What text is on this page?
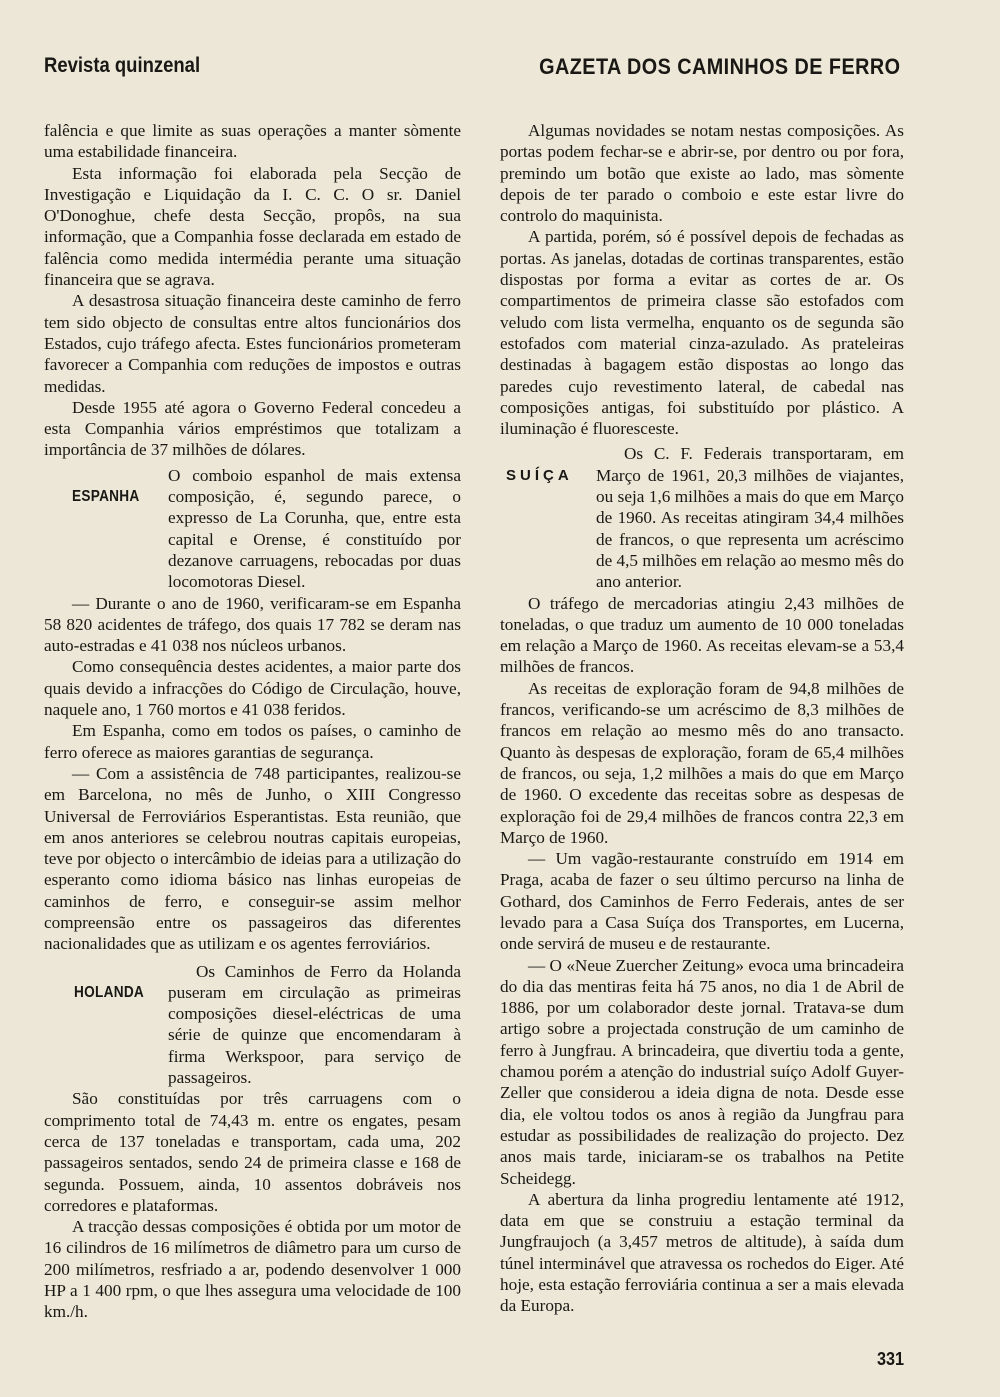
Revista quinzenal	GAZETA DOS CAMINHOS DE FERRO

falência e que limite as suas operações a manter sòmente uma estabilidade financeira.

Esta informação foi elaborada pela Secção de Investigação e Liquidação da I. C. C. O sr. Daniel O'Donoghue, chefe desta Secção, propôs, na sua informação, que a Companhia fosse declarada em estado de falência como medida intermédia perante uma situação financeira que se agrava.

A desastrosa situação financeira deste caminho de ferro tem sido objecto de consultas entre altos funcionários dos Estados, cujo tráfego afecta. Estes funcionários prometeram favorecer a Companhia com reduções de impostos e outras medidas.

Desde 1955 até agora o Governo Federal concedeu a esta Companhia vários empréstimos que totalizam a importância de 37 milhões de dólares.

ESPANHA

O comboio espanhol de mais extensa composição, é, segundo parece, o expresso de La Corunha, que, entre esta capital e Orense, é constituído por dezanove carruagens, rebocadas por duas locomotoras Diesel.

— Durante o ano de 1960, verificaram-se em Espanha 58 820 acidentes de tráfego, dos quais 17 782 se deram nas auto-estradas e 41 038 nos núcleos urbanos.

Como consequência destes acidentes, a maior parte dos quais devido a infracções do Código de Circulação, houve, naquele ano, 1 760 mortos e 41 038 feridos.

Em Espanha, como em todos os países, o caminho de ferro oferece as maiores garantias de segurança.

— Com a assistência de 748 participantes, realizou-se em Barcelona, no mês de Junho, o XIII Congresso Universal de Ferroviários Esperantistas. Esta reunião, que em anos anteriores se celebrou noutras capitais europeias, teve por objecto o intercâmbio de ideias para a utilização do esperanto como idioma básico nas linhas europeias de caminhos de ferro, e conseguir-se assim melhor compreensão entre os passageiros das diferentes nacionalidades que as utilizam e os agentes ferroviários.

HOLANDA

Os Caminhos de Ferro da Holanda puseram em circulação as primeiras composições diesel-eléctricas de uma série de quinze que encomendaram à firma Werkspoor, para serviço de passageiros.

São constituídas por três carruagens com o comprimento total de 74,43 m. entre os engates, pesam cerca de 137 toneladas e transportam, cada uma, 202 passageiros sentados, sendo 24 de primeira classe e 168 de segunda. Possuem, ainda, 10 assentos dobráveis nos corredores e plataformas.

A tracção dessas composições é obtida por um motor de 16 cilindros de 16 milímetros de diâmetro para um curso de 200 milímetros, resfriado a ar, podendo desenvolver 1 000 HP a 1 400 rpm, o que lhes assegura uma velocidade de 100 km./h.

Algumas novidades se notam nestas composições. As portas podem fechar-se e abrir-se, por dentro ou por fora, premindo um botão que existe ao lado, mas sòmente depois de ter parado o comboio e este estar livre do controlo do maquinista.

A partida, porém, só é possível depois de fechadas as portas. As janelas, dotadas de cortinas transparentes, estão dispostas por forma a evitar as cortes de ar. Os compartimentos de primeira classe são estofados com veludo com lista vermelha, enquanto os de segunda são estofados com material cinza-azulado. As prateleiras destinadas à bagagem estão dispostas ao longo das paredes cujo revestimento lateral, de cabedal nas composições antigas, foi substituído por plástico. A iluminação é fluoresceste.

SUÍÇA

Os C. F. Federais transportaram, em Março de 1961, 20,3 milhões de viajantes, ou seja 1,6 milhões a mais do que em Março de 1960. As receitas atingiram 34,4 milhões de francos, o que representa um acréscimo de 4,5 milhões em relação ao mesmo mês do ano anterior.

O tráfego de mercadorias atingiu 2,43 milhões de toneladas, o que traduz um aumento de 10 000 toneladas em relação a Março de 1960. As receitas elevam-se a 53,4 milhões de francos.

As receitas de exploração foram de 94,8 milhões de francos, verificando-se um acréscimo de 8,3 milhões de francos em relação ao mesmo mês do ano transacto. Quanto às despesas de exploração, foram de 65,4 milhões de francos, ou seja, 1,2 milhões a mais do que em Março de 1960. O excedente das receitas sobre as despesas de exploração foi de 29,4 milhões de francos contra 22,3 em Março de 1960.

— Um vagão-restaurante construído em 1914 em Praga, acaba de fazer o seu último percurso na linha de Gothard, dos Caminhos de Ferro Federais, antes de ser levado para a Casa Suíça dos Transportes, em Lucerna, onde servirá de museu e de restaurante.

— O «Neue Zuercher Zeitung» evoca uma brincadeira do dia das mentiras feita há 75 anos, no dia 1 de Abril de 1886, por um colaborador deste jornal. Tratava-se dum artigo sobre a projectada construção de um caminho de ferro à Jungfrau. A brincadeira, que divertiu toda a gente, chamou porém a atenção do industrial suíço Adolf Guyer-Zeller que considerou a ideia digna de nota. Desde esse dia, ele voltou todos os anos à região da Jungfrau para estudar as possibilidades de realização do projecto. Dez anos mais tarde, iniciaram-se os trabalhos na Petite Scheidegg.

A abertura da linha progrediu lentamente até 1912, data em que se construiu a estação terminal da Jungfraujoch (a 3,457 metros de altitude), à saída dum túnel interminável que atravessa os rochedos do Eiger. Até hoje, esta estação ferroviária continua a ser a mais elevada da Europa.

331
